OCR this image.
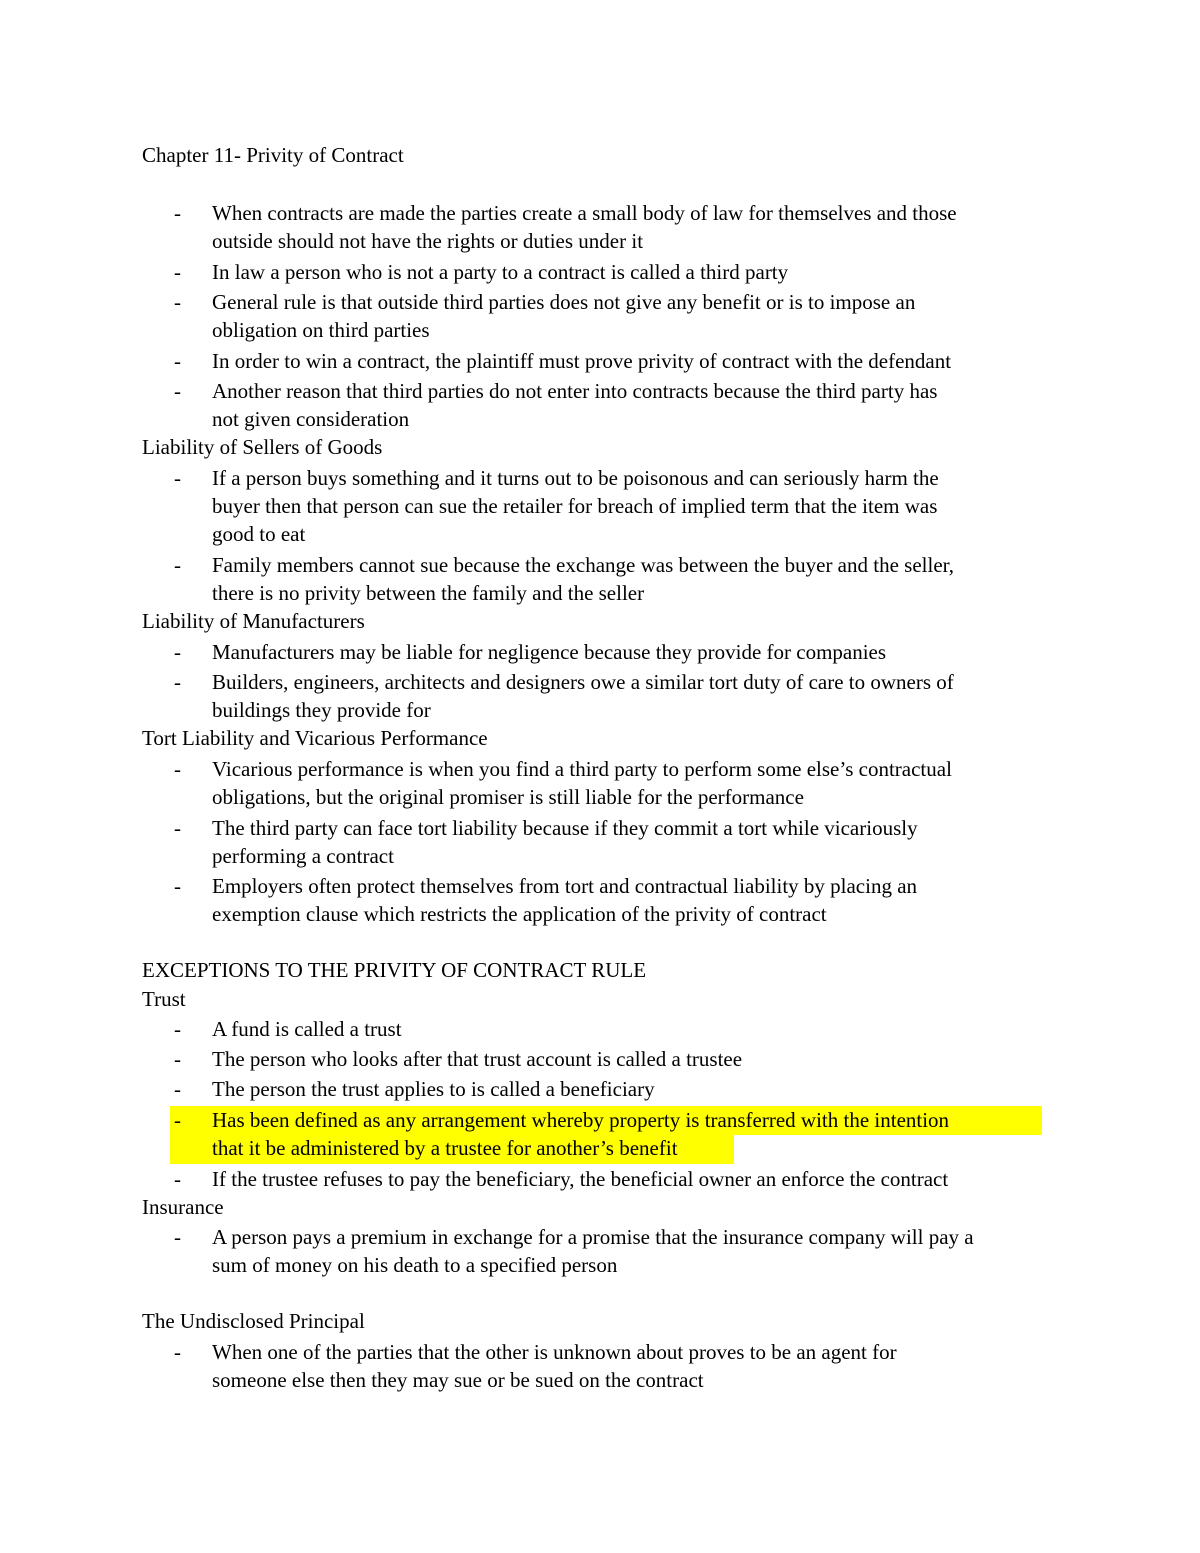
Chapter 11- Privity of Contract
- When contracts are made the parties create a small body of law for themselves and those
outside should not have the rights or duties under it
- In law a person who is not a party to a contract is called a third party
- General rule is that outside third parties does not give any benefit or is to impose an
obligation on third parties
- In order to win a contract, the plaintiff must prove privity of contract with the defendant
- Another reason that third parties do not enter into contracts because the third party has
not given consideration
Liability of Sellers of Goods
- If a person buys something and it turns out to be poisonous and can seriously harm the
buyer then that person can sue the retailer for breach of implied term that the item was
good to eat
- Family members cannot sue because the exchange was between the buyer and the seller,
there is no privity between the family and the seller
Liability of Manufacturers
- Manufacturers may be liable for negligence because they provide for companies
- Builders, engineers, architects and designers owe a similar tort duty of care to owners of
buildings they provide for
Tort Liability and Vicarious Performance
- Vicarious performance is when you find a third party to perform some else’s contractual
obligations, but the original promiser is still liable for the performance
- The third party can face tort liability because if they commit a tort while vicariously
performing a contract
- Employers often protect themselves from tort and contractual liability by placing an
exemption clause which restricts the application of the privity of contract
EXCEPTIONS TO THE PRIVITY OF CONTRACT RULE
Trust
- A fund is called a trust
- The person who looks after that trust account is called a trustee
- The person the trust applies to is called a beneficiary
- Has been defined as any arrangement whereby property is transferred with the intention
that it be administered by a trustee for another’s benefit
- If the trustee refuses to pay the beneficiary, the beneficial owner an enforce the contract
Insurance
- A person pays a premium in exchange for a promise that the insurance company will pay a
sum of money on his death to a specified person
The Undisclosed Principal
- When one of the parties that the other is unknown about proves to be an agent for
someone else then they may sue or be sued on the contract
